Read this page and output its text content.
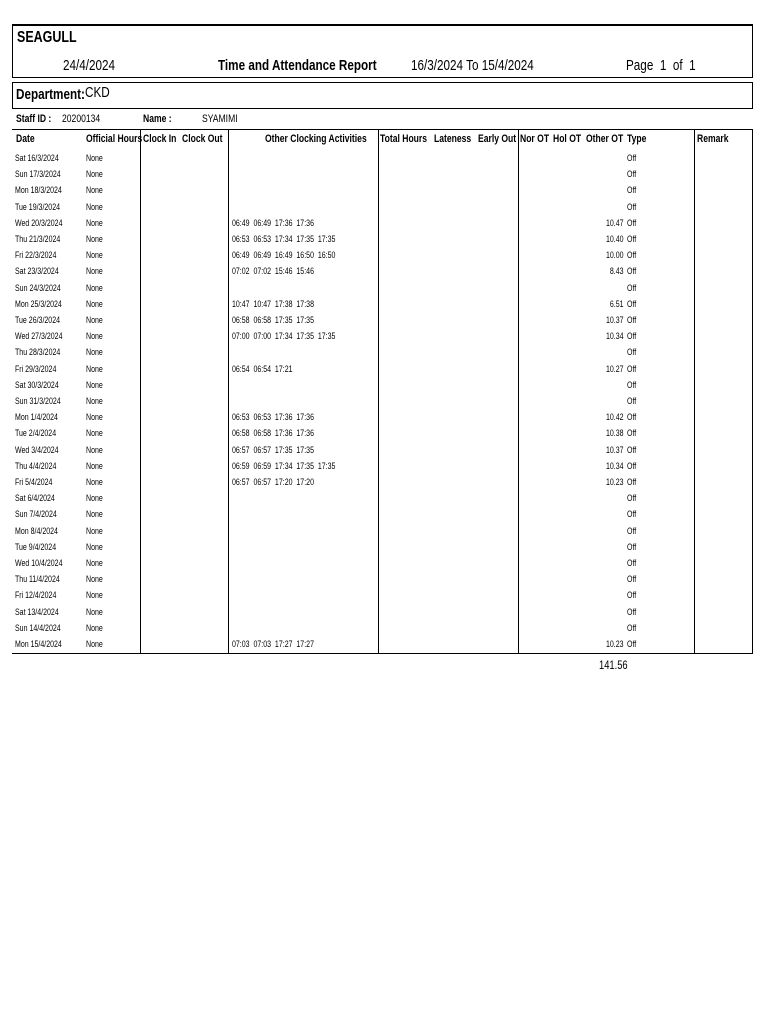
SEAGULL
24/4/2024	Time and Attendance Report	16/3/2024 To 15/4/2024	Page  1  of  1
Department: CKD
Staff ID : 20200134	Name :	SYAMIMI
Date	Official Hours Clock In Clock Out	Other Clocking Activities	Total Hours Lateness Early Out Nor OT Hol OT Other OT Type	Remark
Sat 16/3/2024	None	Off
Sun 17/3/2024	None	Off
Mon 18/3/2024	None	Off
Tue 19/3/2024	None	Off
Wed 20/3/2024	None	06:49  06:49  17:36  17:36	10.47 Off
Thu 21/3/2024	None	06:53  06:53  17:34  17:35  17:35	10.40 Off
Fri 22/3/2024	None	06:49  06:49  16:49  16:50  16:50	10.00 Off
Sat 23/3/2024	None	07:02  07:02  15:46  15:46	8.43 Off
Sun 24/3/2024	None	Off
Mon 25/3/2024	None	10:47  10:47  17:38  17:38	6.51 Off
Tue 26/3/2024	None	06:58  06:58  17:35  17:35	10.37 Off
Wed 27/3/2024	None	07:00  07:00  17:34  17:35  17:35	10.34 Off
Thu 28/3/2024	None	Off
Fri 29/3/2024	None	06:54  06:54  17:21	10.27 Off
Sat 30/3/2024	None	Off
Sun 31/3/2024	None	Off
Mon 1/4/2024	None	06:53  06:53  17:36  17:36	10.42 Off
Tue 2/4/2024	None	06:58  06:58  17:36  17:36	10.38 Off
Wed 3/4/2024	None	06:57  06:57  17:35  17:35	10.37 Off
Thu 4/4/2024	None	06:59  06:59  17:34  17:35  17:35	10.34 Off
Fri 5/4/2024	None	06:57  06:57  17:20  17:20	10.23 Off
Sat 6/4/2024	None	Off
Sun 7/4/2024	None	Off
Mon 8/4/2024	None	Off
Tue 9/4/2024	None	Off
Wed 10/4/2024	None	Off
Thu 11/4/2024	None	Off
Fri 12/4/2024	None	Off
Sat 13/4/2024	None	Off
Sun 14/4/2024	None	Off
Mon 15/4/2024	None	07:03  07:03  17:27  17:27	10.23 Off
141.56
